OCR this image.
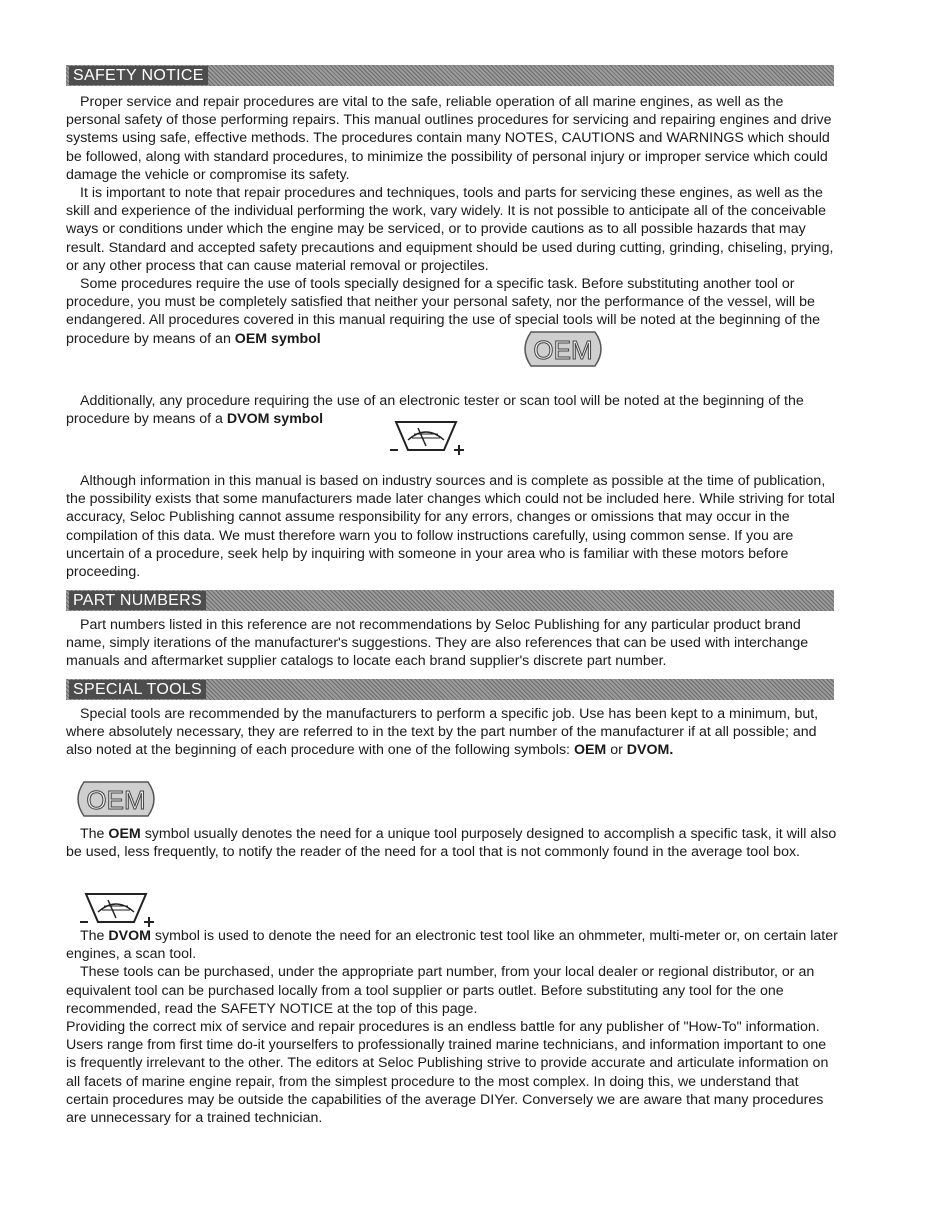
SAFETY NOTICE

Proper service and repair procedures are vital to the safe, reliable operation of all marine engines, as well as the personal safety of those performing repairs. This manual outlines procedures for servicing and repairing engines and drive systems using safe, effective methods. The procedures contain many NOTES, CAUTIONS and WARNINGS which should be followed, along with standard procedures, to minimize the possibility of personal injury or improper service which could damage the vehicle or compromise its safety.

It is important to note that repair procedures and techniques, tools and parts for servicing these engines, as well as the skill and experience of the individual performing the work, vary widely. It is not possible to anticipate all of the conceivable ways or conditions under which the engine may be serviced, or to provide cautions as to all possible hazards that may result. Standard and accepted safety precautions and equipment should be used during cutting, grinding, chiseling, prying, or any other process that can cause material removal or projectiles.

Some procedures require the use of tools specially designed for a specific task. Before substituting another tool or procedure, you must be completely satisfied that neither your personal safety, nor the performance of the vessel, will be endangered. All procedures covered in this manual requiring the use of special tools will be noted at the beginning of the procedure by means of an OEM symbol	OEM

Additionally, any procedure requiring the use of an electronic tester or scan tool will be noted at the beginning of the procedure by means of a DVOM symbol

Although information in this manual is based on industry sources and is complete as possible at the time of publication, the possibility exists that some manufacturers made later changes which could not be included here. While striving for total accuracy, Seloc Publishing cannot assume responsibility for any errors, changes or omissions that may occur in the compilation of this data. We must therefore warn you to follow instructions carefully, using common sense. If you are uncertain of a procedure, seek help by inquiring with someone in your area who is familiar with these motors before proceeding.

PART NUMBERS

Part numbers listed in this reference are not recommendations by Seloc Publishing for any particular product brand name, simply iterations of the manufacturer's suggestions. They are also references that can be used with interchange manuals and aftermarket supplier catalogs to locate each brand supplier's discrete part number.

SPECIAL TOOLS

Special tools are recommended by the manufacturers to perform a specific job. Use has been kept to a minimum, but, where absolutely necessary, they are referred to in the text by the part number of the manufacturer if at all possible; and also noted at the beginning of each procedure with one of the following symbols: OEM or DVOM.

OEM

The OEM symbol usually denotes the need for a unique tool purposely designed to accomplish a specific task, it will also be used, less frequently, to notify the reader of the need for a tool that is not commonly found in the average tool box.

The DVOM symbol is used to denote the need for an electronic test tool like an ohmmeter, multi-meter or, on certain later engines, a scan tool.

These tools can be purchased, under the appropriate part number, from your local dealer or regional distributor, or an equivalent tool can be purchased locally from a tool supplier or parts outlet. Before substituting any tool for the one recommended, read the SAFETY NOTICE at the top of this page.

Providing the correct mix of service and repair procedures is an endless battle for any publisher of "How-To" information. Users range from first time do-it yourselfers to professionally trained marine technicians, and information important to one is frequently irrelevant to the other. The editors at Seloc Publishing strive to provide accurate and articulate information on all facets of marine engine repair, from the simplest procedure to the most complex. In doing this, we understand that certain procedures may be outside the capabilities of the average DIYer. Conversely we are aware that many procedures are unnecessary for a trained technician.
